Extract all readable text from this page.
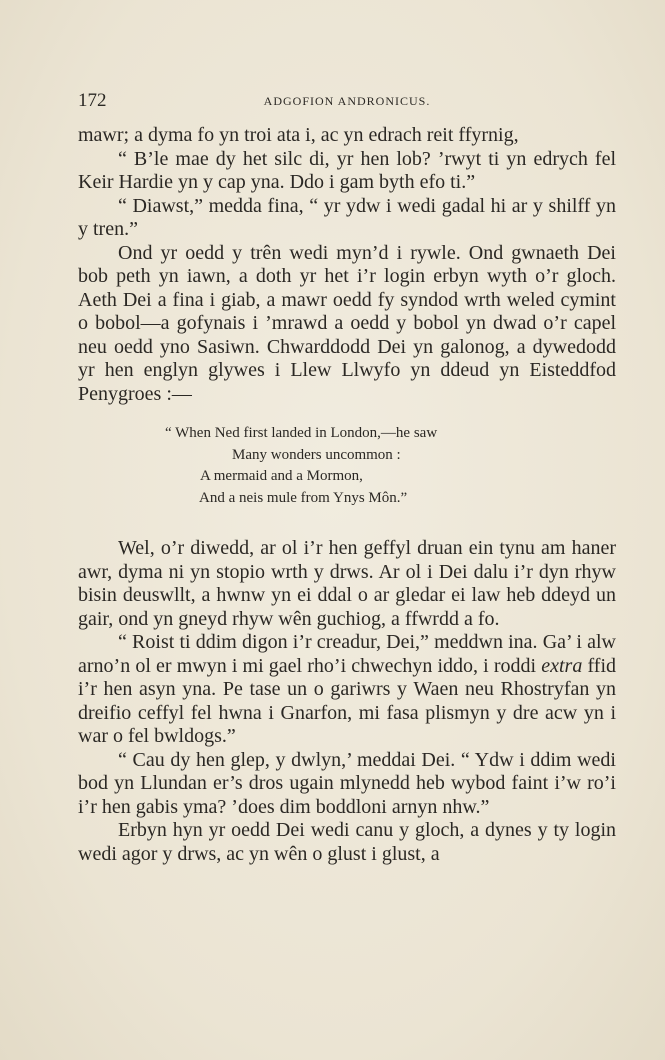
172	ADGOFION ANDRONICUS.

mawr; a dyma fo yn troi ata i, ac yn edrach reit ffyrnig,

“ B’le mae dy het silc di, yr hen lob? ’rwyt ti yn edrych fel Keir Hardie yn y cap yna. Ddo i gam byth efo ti.”

“ Diawst,” medda fina, “ yr ydw i wedi gadal hi ar y shilff yn y tren.”

Ond yr oedd y trên wedi myn’d i rywle. Ond gwnaeth Dei bob peth yn iawn, a doth yr het i’r login erbyn wyth o’r gloch. Aeth Dei a fina i giab, a mawr oedd fy syndod wrth weled cymint o bobol—a gofynais i ’mrawd a oedd y bobol yn dwad o’r capel neu oedd yno Sasiwn. Chwarddodd Dei yn galonog, a dywedodd yr hen englyn glywes i Llew Llwyfo yn ddeud yn Eisteddfod Penygroes :—

“ When Ned first landed in London,—he saw
Many wonders uncommon :
A mermaid and a Mormon,
And a neis mule from Ynys Môn.”

Wel, o’r diwedd, ar ol i’r hen geffyl druan ein tynu am haner awr, dyma ni yn stopio wrth y drws. Ar ol i Dei dalu i’r dyn rhyw bisin deuswllt, a hwnw yn ei ddal o ar gledar ei law heb ddeyd un gair, ond yn gneyd rhyw wên guchiog, a ffwrdd a fo.

“ Roist ti ddim digon i’r creadur, Dei,” meddwn ina. Ga’ i alw arno’n ol er mwyn i mi gael rho’i chwechyn iddo, i roddi extra ffid i’r hen asyn yna. Pe tase un o gariwrs y Waen neu Rhostryfan yn dreifio ceffyl fel hwna i Gnarfon, mi fasa plismyn y dre acw yn i war o fel bwldogs.”

“ Cau dy hen glep, y dwlyn,’ meddai Dei. “ Ydw i ddim wedi bod yn Llundan er’s dros ugain mlynedd heb wybod faint i’w ro’i i’r hen gabis yma? ’does dim boddloni arnyn nhw.”

Erbyn hyn yr oedd Dei wedi canu y gloch, a dynes y ty login wedi agor y drws, ac yn wên o glust i glust, a
